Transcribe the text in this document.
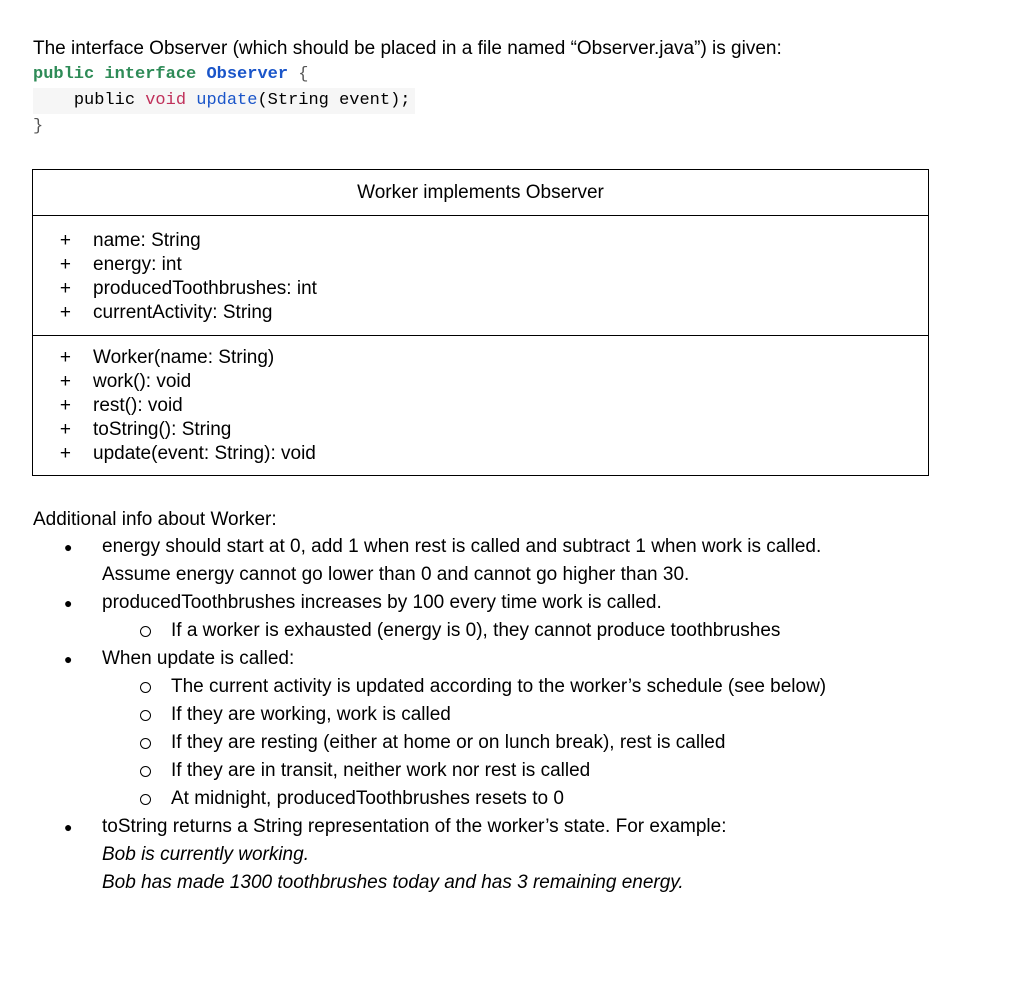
The interface Observer (which should be placed in a file named “Observer.java”) is given:
public interface Observer {
public void update(String event);
}
Worker implements Observer
+	name: String
+	energy: int
+	producedToothbrushes: int
+	currentActivity: String
+	Worker(name: String)
+	work(): void
+	rest(): void
+	toString(): String
+	update(event: String): void
Additional info about Worker:
● energy should start at 0, add 1 when rest is called and subtract 1 when work is called.
Assume energy cannot go lower than 0 and cannot go higher than 30.
● producedToothbrushes increases by 100 every time work is called.
If a worker is exhausted (energy is 0), they cannot produce toothbrushes
● When update is called:
The current activity is updated according to the worker’s schedule (see below)
If they are working, work is called
If they are resting (either at home or on lunch break), rest is called
If they are in transit, neither work nor rest is called
At midnight, producedToothbrushes resets to 0
● toString returns a String representation of the worker’s state. For example:
Bob is currently working.
Bob has made 1300 toothbrushes today and has 3 remaining energy.
